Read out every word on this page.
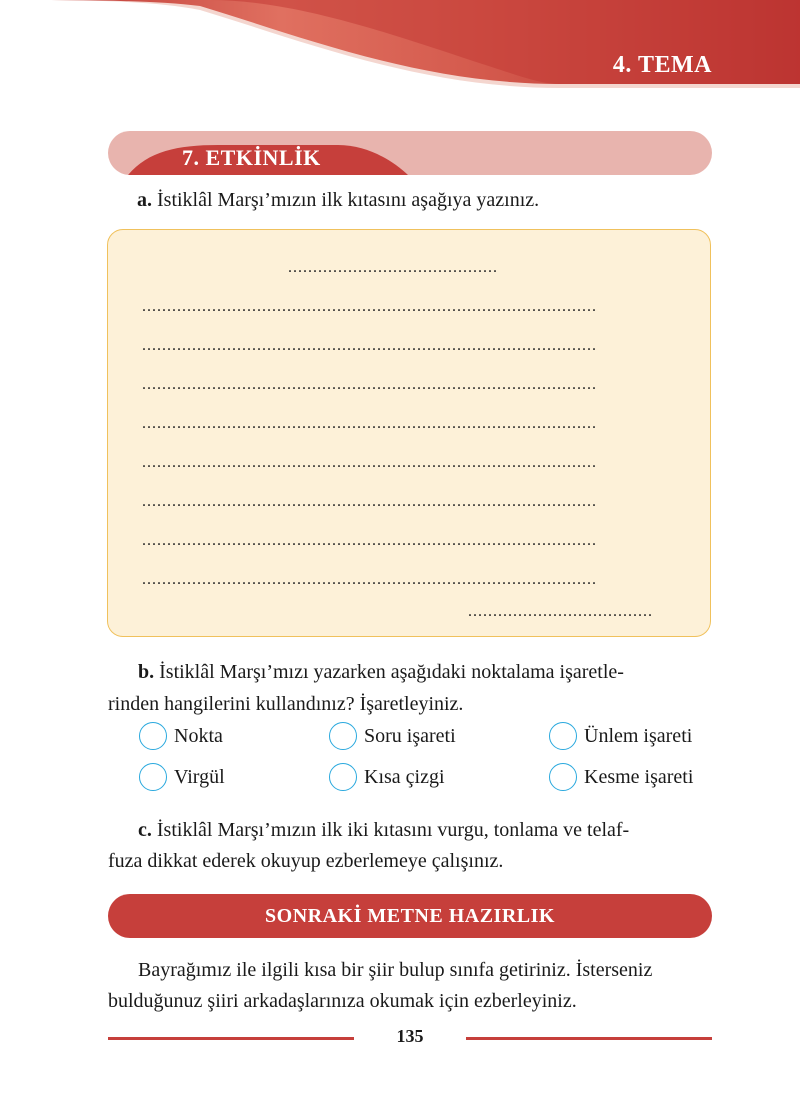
4. TEMA
7. ETKİNLİK
a. İstiklâl Marşı’mızın ilk kıtasını aşağıya yazınız.
..........................................
...........................................................................................
...........................................................................................
...........................................................................................
...........................................................................................
...........................................................................................
...........................................................................................
...........................................................................................
...........................................................................................
.....................................
b. İstiklâl Marşı’mızı yazarken aşağıdaki noktalama işaretle-
rinden hangilerini kullandınız? İşaretleyiniz.
Nokta	Soru işareti	Ünlem işareti
Virgül	Kısa çizgi	Kesme işareti
c. İstiklâl Marşı’mızın ilk iki kıtasını vurgu, tonlama ve telaf-
fuza dikkat ederek okuyup ezberlemeye çalışınız.
SONRAKİ METNE HAZIRLIK
Bayrağımız ile ilgili kısa bir şiir bulup sınıfa getiriniz. İsterseniz
bulduğunuz şiiri arkadaşlarınıza okumak için ezberleyiniz.
135
